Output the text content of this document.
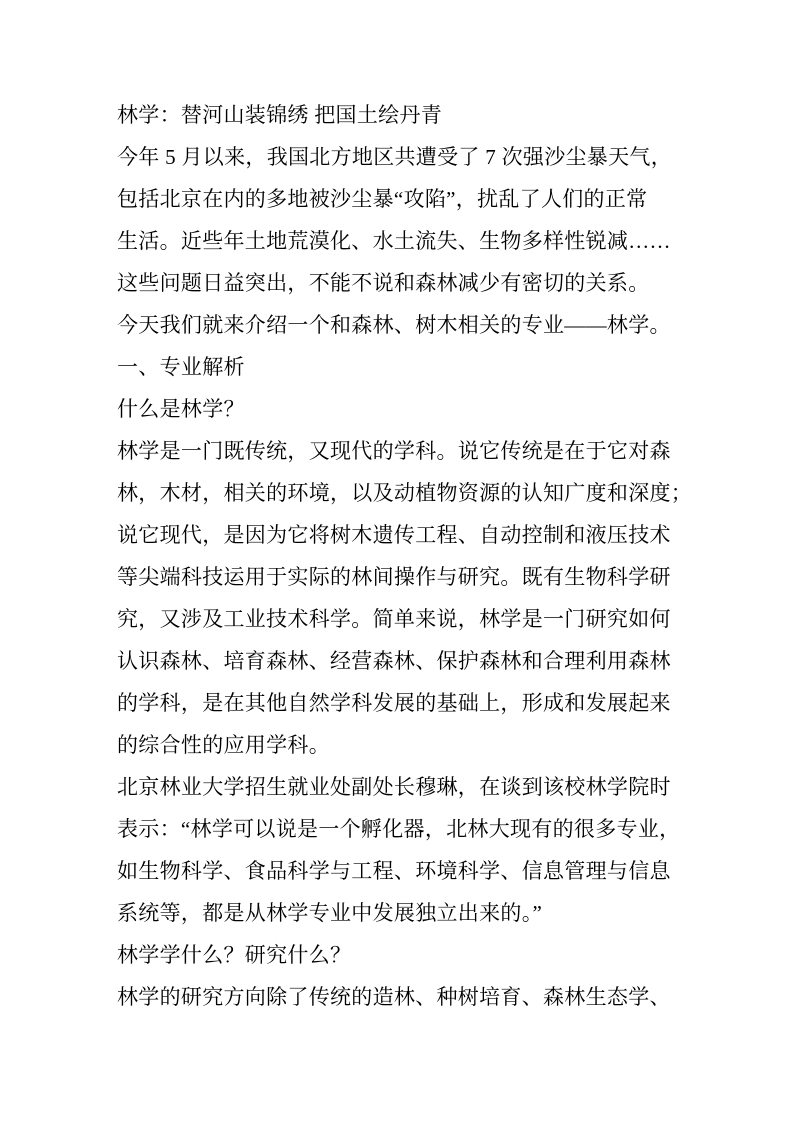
林学：替河山装锦绣 把国土绘丹青
今年 5 月以来，我国北方地区共遭受了 7 次强沙尘暴天气，
包括北京在内的多地被沙尘暴“攻陷”，扰乱了人们的正常
生活。近些年土地荒漠化、水土流失、生物多样性锐减……
这些问题日益突出，不能不说和森林减少有密切的关系。
今天我们就来介绍一个和森林、树木相关的专业——林学。
一、专业解析
什么是林学？
林学是一门既传统，又现代的学科。说它传统是在于它对森
林，木材，相关的环境，以及动植物资源的认知广度和深度；
说它现代，是因为它将树木遗传工程、自动控制和液压技术
等尖端科技运用于实际的林间操作与研究。既有生物科学研
究，又涉及工业技术科学。简单来说，林学是一门研究如何
认识森林、培育森林、经营森林、保护森林和合理利用森林
的学科，是在其他自然学科发展的基础上，形成和发展起来
的综合性的应用学科。
北京林业大学招生就业处副处长穆琳，在谈到该校林学院时
表示：“林学可以说是一个孵化器，北林大现有的很多专业，
如生物科学、食品科学与工程、环境科学、信息管理与信息
系统等，都是从林学专业中发展独立出来的。”
林学学什么？研究什么？
林学的研究方向除了传统的造林、种树培育、森林生态学、
